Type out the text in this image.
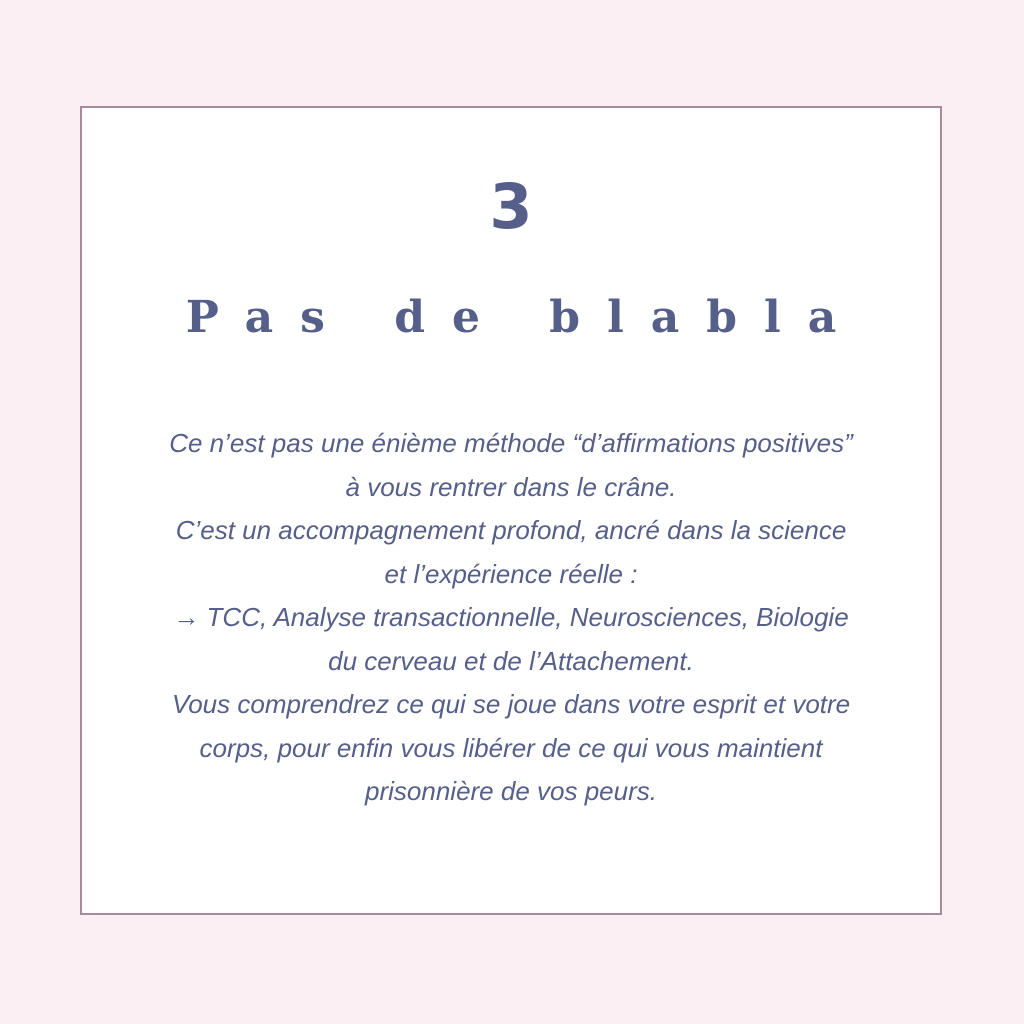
3
Pas de blabla
Ce n’est pas une énième méthode “d’affirmations positives”
à vous rentrer dans le crâne.
C’est un accompagnement profond, ancré dans la science
et l’expérience réelle :
→ TCC, Analyse transactionnelle, Neurosciences, Biologie
du cerveau et de l’Attachement.
Vous comprendrez ce qui se joue dans votre esprit et votre
corps, pour enfin vous libérer de ce qui vous maintient
prisonnière de vos peurs.
